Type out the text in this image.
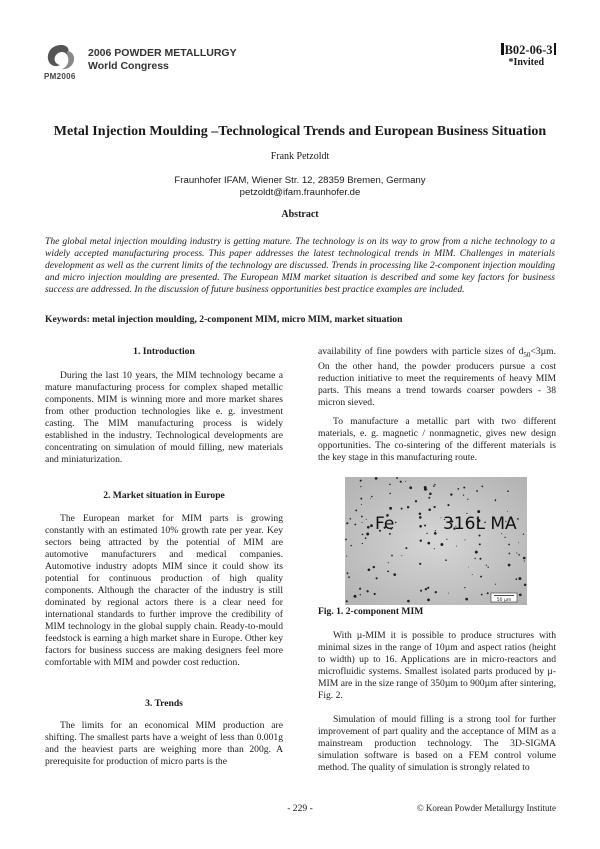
2006 POWDER METALLURGY
World Congress
PM2006
B02-06-3
*Invited
Metal Injection Moulding –Technological Trends and European Business Situation
Frank Petzoldt
Fraunhofer IFAM, Wiener Str. 12, 28359 Bremen, Germany
petzoldt@ifam.fraunhofer.de
Abstract
The global metal injection moulding industry is getting mature. The technology is on its way to grow from a niche technology to a widely accepted manufacturing process. This paper addresses the latest technological trends in MIM. Challenges in materials development as well as the current limits of the technology are discussed. Trends in processing like 2-component injection moulding and micro injection moulding are presented. The European MIM market situation is described and some key factors for business success are addressed. In the discussion of future business opportunities best practice examples are included.
Keywords: metal injection moulding, 2-component MIM, micro MIM, market situation
1. Introduction
During the last 10 years, the MIM technology became a mature manufacturing process for complex shaped metallic components. MIM is winning more and more market shares from other production technologies like e. g. investment casting. The MIM manufacturing process is widely established in the industry. Technological developments are concentrating on simulation of mould filling, new materials and miniaturization.
2. Market situation in Europe
The European market for MIM parts is growing constantly with an estimated 10% growth rate per year. Key sectors being attracted by the potential of MIM are automotive manufacturers and medical companies. Automotive industry adopts MIM since it could show its potential for continuous production of high quality components. Although the character of the industry is still dominated by regional actors there is a clear need for international standards to further improve the credibility of MIM technology in the global supply chain. Ready-to-mould feedstock is earning a high market share in Europe. Other key factors for business success are making designers feel more comfortable with MIM and powder cost reduction.
3. Trends
The limits for an economical MIM production are shifting. The smallest parts have a weight of less than 0.001g and the heaviest parts are weighing more than 200g. A prerequisite for production of micro parts is the
availability of fine powders with particle sizes of $d_{50}<3\mu m$. On the other hand, the powder producers pursue a cost reduction initiative to meet the requirements of heavy MIM parts. This means a trend towards coarser powders - 38 micron sieved.
To manufacture a metallic part with two different materials, e. g. magnetic / nonmagnetic, gives new design opportunities. The co-sintering of the different materials is the key stage in this manufacturing route.
Fe	316L MA
50 µm
Fig. 1. 2-component MIM
With µ-MIM it is possible to produce structures with minimal sizes in the range of 10µm and aspect ratios (height to width) up to 16. Applications are in micro-reactors and microfluidic systems. Smallest isolated parts produced by µ-MIM are in the size range of 350µm to 900µm after sintering, Fig. 2.
Simulation of mould filling is a strong tool for further improvement of part quality and the acceptance of MIM as a mainstream production technology. The 3D-SIGMA simulation software is based on a FEM control volume method. The quality of simulation is strongly related to
- 229 -	© Korean Powder Metallurgy Institute
